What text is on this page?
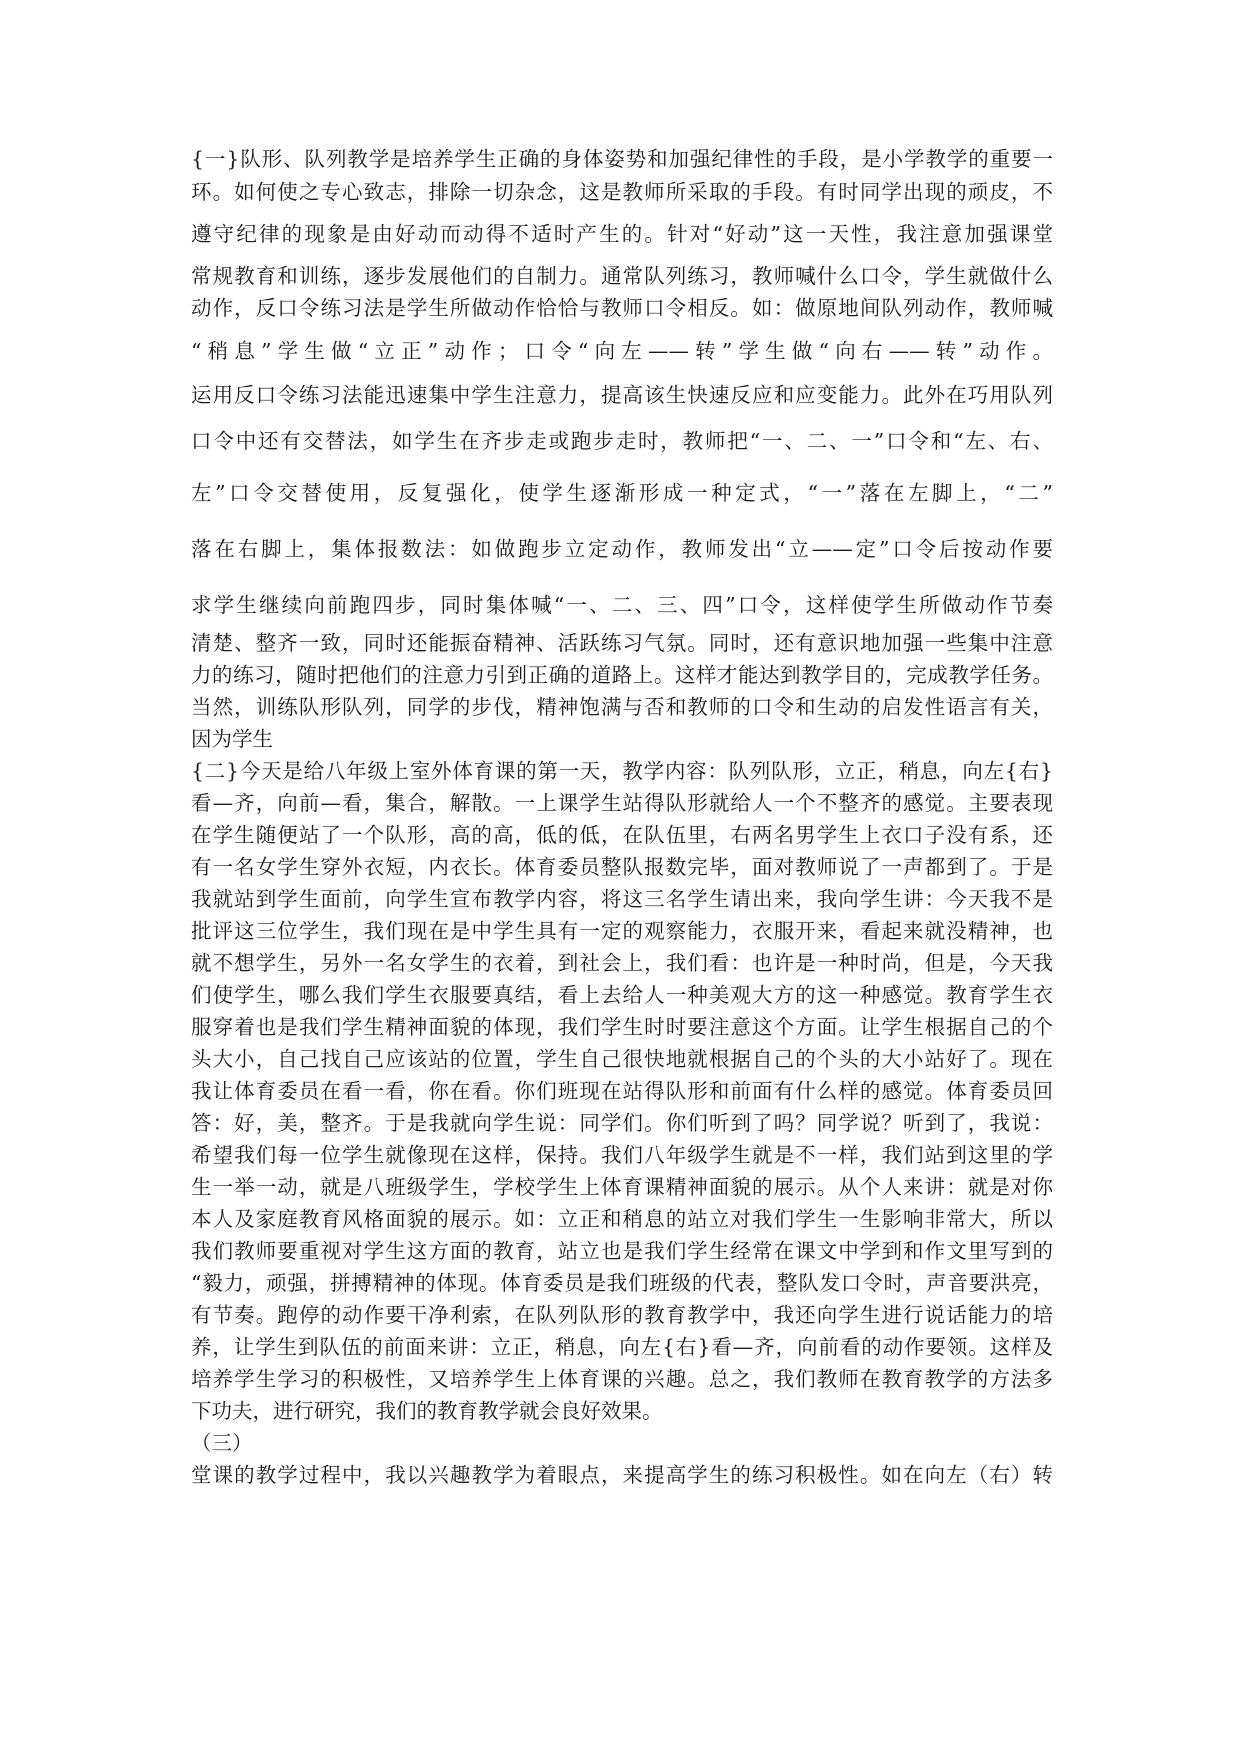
{一}队形、队列教学是培养学生正确的身体姿势和加强纪律性的手段，是小学教学的重要一
环。如何使之专心致志，排除一切杂念，这是教师所采取的手段。有时同学出现的顽皮，不
遵守纪律的现象是由好动而动得不适时产生的。针对“好动”这一天性，我注意加强课堂
常规教育和训练，逐步发展他们的自制力。通常队列练习，教师喊什么口令，学生就做什么
动作，反口令练习法是学生所做动作恰恰与教师口令相反。如：做原地间队列动作，教师喊
“稍息”学生做“立正”动作；口令“向左——转”学生做“向右——转”动作。
运用反口令练习法能迅速集中学生注意力，提高该生快速反应和应变能力。此外在巧用队列
口令中还有交替法，如学生在齐步走或跑步走时，教师把“一、二、一”口令和“左、右、
左”口令交替使用，反复强化，使学生逐渐形成一种定式，“一”落在左脚上，“二”
落在右脚上，集体报数法：如做跑步立定动作，教师发出“立——定”口令后按动作要
求学生继续向前跑四步，同时集体喊“一、二、三、四”口令，这样使学生所做动作节奏
清楚、整齐一致，同时还能振奋精神、活跃练习气氛。同时，还有意识地加强一些集中注意
力的练习，随时把他们的注意力引到正确的道路上。这样才能达到教学目的，完成教学任务。
当然，训练队形队列，同学的步伐，精神饱满与否和教师的口令和生动的启发性语言有关，
因为学生
{二}今天是给八年级上室外体育课的第一天，教学内容：队列队形，立正，稍息，向左{右}
看—齐，向前—看，集合，解散。一上课学生站得队形就给人一个不整齐的感觉。主要表现
在学生随便站了一个队形，高的高，低的低，在队伍里，右两名男学生上衣口子没有系，还
有一名女学生穿外衣短，内衣长。体育委员整队报数完毕，面对教师说了一声都到了。于是
我就站到学生面前，向学生宣布教学内容，将这三名学生请出来，我向学生讲：今天我不是
批评这三位学生，我们现在是中学生具有一定的观察能力，衣服开来，看起来就没精神，也
就不想学生，另外一名女学生的衣着，到社会上，我们看：也许是一种时尚，但是，今天我
们使学生，哪么我们学生衣服要真结，看上去给人一种美观大方的这一种感觉。教育学生衣
服穿着也是我们学生精神面貌的体现，我们学生时时要注意这个方面。让学生根据自己的个
头大小，自己找自己应该站的位置，学生自己很快地就根据自己的个头的大小站好了。现在
我让体育委员在看一看，你在看。你们班现在站得队形和前面有什么样的感觉。体育委员回
答：好，美，整齐。于是我就向学生说：同学们。你们听到了吗？同学说？听到了，我说：
希望我们每一位学生就像现在这样，保持。我们八年级学生就是不一样，我们站到这里的学
生一举一动，就是八班级学生，学校学生上体育课精神面貌的展示。从个人来讲：就是对你
本人及家庭教育风格面貌的展示。如：立正和稍息的站立对我们学生一生影响非常大，所以
我们教师要重视对学生这方面的教育，站立也是我们学生经常在课文中学到和作文里写到的
“毅力，顽强，拼搏精神的体现。体育委员是我们班级的代表，整队发口令时，声音要洪亮，
有节奏。跑停的动作要干净利索，在队列队形的教育教学中，我还向学生进行说话能力的培
养，让学生到队伍的前面来讲：立正，稍息，向左{右}看—齐，向前看的动作要领。这样及
培养学生学习的积极性，又培养学生上体育课的兴趣。总之，我们教师在教育教学的方法多
下功夫，进行研究，我们的教育教学就会良好效果。
（三）
堂课的教学过程中，我以兴趣教学为着眼点，来提高学生的练习积极性。如在向左（右）转
